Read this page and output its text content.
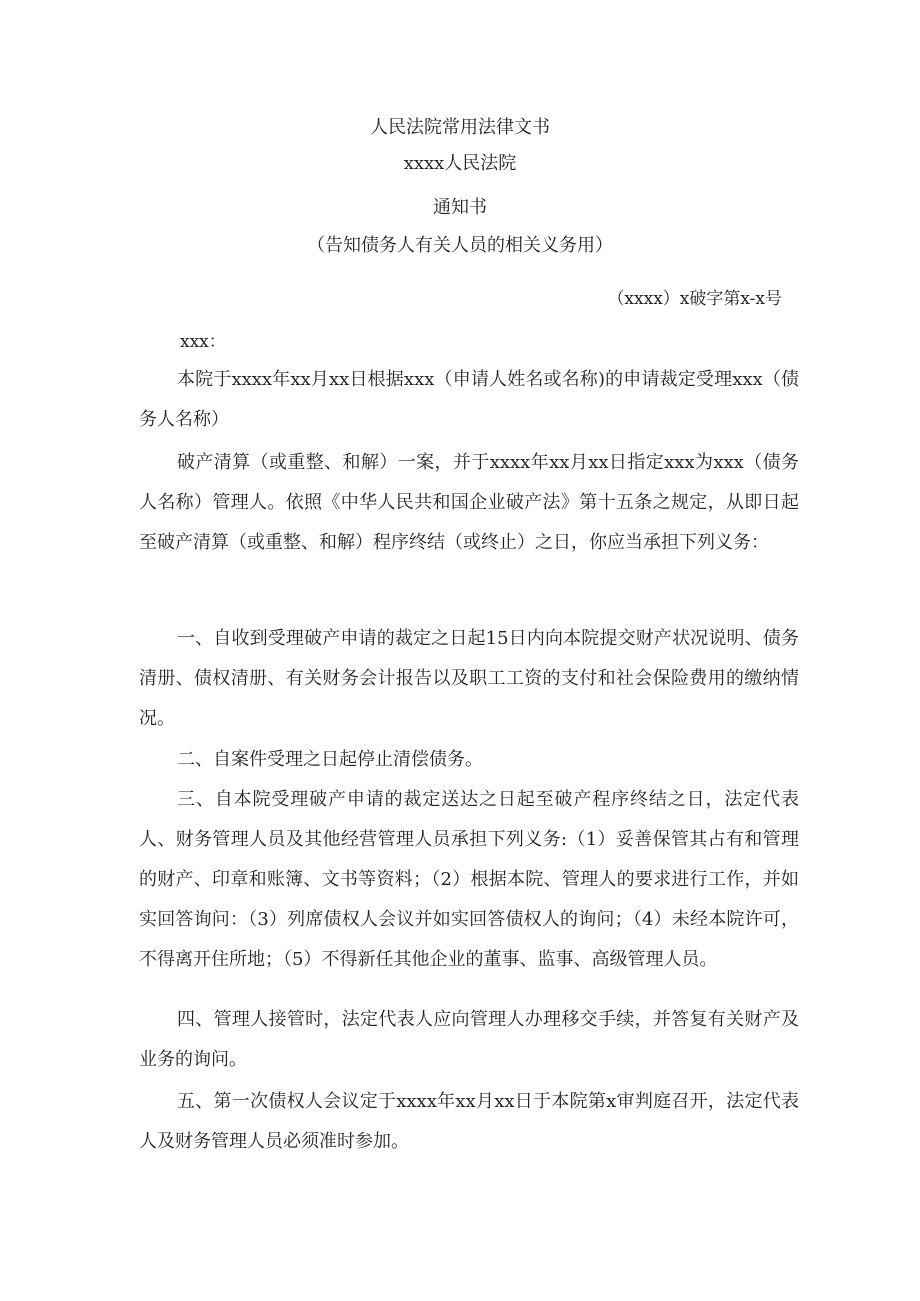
人民法院常用法律文书
xxxx人民法院
通知书
（告知债务人有关人员的相关义务用）
（xxxx）x破字第x-x号
xxx：

本院于xxxx年xx月xx日根据xxx（申请人姓名或名称)的申请裁定受理xxx（债务人名称）

破产清算（或重整、和解）一案，并于xxxx年xx月xx日指定xxx为xxx（债务人名称）管理人。依照《中华人民共和国企业破产法》第十五条之规定，从即日起至破产清算（或重整、和解）程序终结（或终止）之日，你应当承担下列义务：

一、自收到受理破产申请的裁定之日起15日内向本院提交财产状况说明、债务清册、债权清册、有关财务会计报告以及职工工资的支付和社会保险费用的缴纳情况。

二、自案件受理之日起停止清偿债务。

三、自本院受理破产申请的裁定送达之日起至破产程序终结之日，法定代表人、财务管理人员及其他经营管理人员承担下列义务:（1）妥善保管其占有和管理的财产、印章和账簿、文书等资料；（2）根据本院、管理人的要求进行工作，并如实回答询问：（3）列席债权人会议并如实回答债权人的询问；（4）未经本院许可，不得离开住所地；（5）不得新任其他企业的董事、监事、高级管理人员。

四、管理人接管时，法定代表人应向管理人办理移交手续，并答复有关财产及业务的询问。

五、第一次债权人会议定于xxxx年xx月xx日于本院第x审判庭召开，法定代表人及财务管理人员必须准时参加。
